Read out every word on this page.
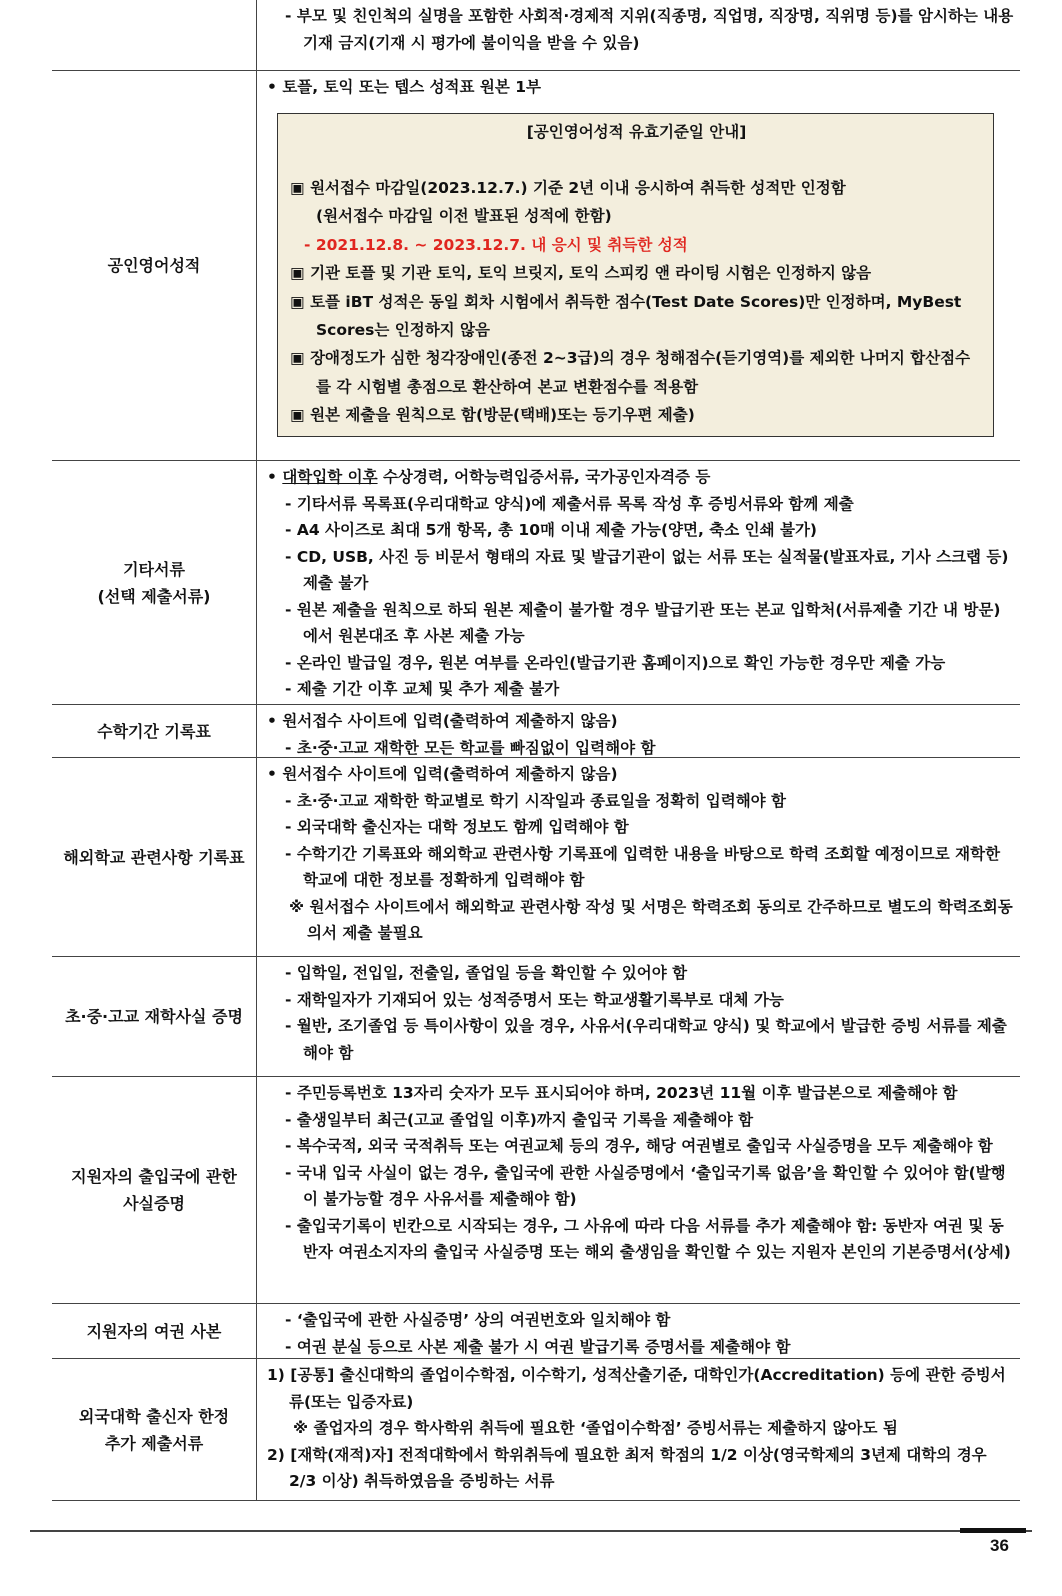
- 부모 및 친인척의 실명을 포함한 사회적·경제적 지위(직종명, 직업명, 직장명, 직위명 등)를 암시하는 내용 기재 금지(기재 시 평가에 불이익을 받을 수 있음)
공인영어성적
• 토플, 토익 또는 텝스 성적표 원본 1부
[공인영어성적 유효기준일 안내]
▣ 원서접수 마감일(2023.12.7.) 기준 2년 이내 응시하여 취득한 성적만 인정함
(원서접수 마감일 이전 발표된 성적에 한함)
- 2021.12.8. ~ 2023.12.7. 내 응시 및 취득한 성적
▣ 기관 토플 및 기관 토익, 토익 브릿지, 토익 스피킹 앤 라이팅 시험은 인정하지 않음
▣ 토플 iBT 성적은 동일 회차 시험에서 취득한 점수(Test Date Scores)만 인정하며, MyBest Scores는 인정하지 않음
▣ 장애정도가 심한 청각장애인(종전 2~3급)의 경우 청해점수(듣기영역)를 제외한 나머지 합산점수를 각 시험별 총점으로 환산하여 본교 변환점수를 적용함
▣ 원본 제출을 원칙으로 함(방문(택배)또는 등기우편 제출)
기타서류
(선택 제출서류)
• 대학입학 이후 수상경력, 어학능력입증서류, 국가공인자격증 등
- 기타서류 목록표(우리대학교 양식)에 제출서류 목록 작성 후 증빙서류와 함께 제출
- A4 사이즈로 최대 5개 항목, 총 10매 이내 제출 가능(양면, 축소 인쇄 불가)
- CD, USB, 사진 등 비문서 형태의 자료 및 발급기관이 없는 서류 또는 실적물(발표자료, 기사 스크랩 등) 제출 불가
- 원본 제출을 원칙으로 하되 원본 제출이 불가할 경우 발급기관 또는 본교 입학처(서류제출 기간 내 방문)에서 원본대조 후 사본 제출 가능
- 온라인 발급일 경우, 원본 여부를 온라인(발급기관 홈페이지)으로 확인 가능한 경우만 제출 가능
- 제출 기간 이후 교체 및 추가 제출 불가
수학기간 기록표
• 원서접수 사이트에 입력(출력하여 제출하지 않음)
- 초·중·고교 재학한 모든 학교를 빠짐없이 입력해야 함
해외학교 관련사항 기록표
• 원서접수 사이트에 입력(출력하여 제출하지 않음)
- 초·중·고교 재학한 학교별로 학기 시작일과 종료일을 정확히 입력해야 함
- 외국대학 출신자는 대학 정보도 함께 입력해야 함
- 수학기간 기록표와 해외학교 관련사항 기록표에 입력한 내용을 바탕으로 학력 조회할 예정이므로 재학한 학교에 대한 정보를 정확하게 입력해야 함
※ 원서접수 사이트에서 해외학교 관련사항 작성 및 서명은 학력조회 동의로 간주하므로 별도의 학력조회동의서 제출 불필요
초·중·고교 재학사실 증명
- 입학일, 전입일, 전출일, 졸업일 등을 확인할 수 있어야 함
- 재학일자가 기재되어 있는 성적증명서 또는 학교생활기록부로 대체 가능
- 월반, 조기졸업 등 특이사항이 있을 경우, 사유서(우리대학교 양식) 및 학교에서 발급한 증빙 서류를 제출해야 함
지원자의 출입국에 관한
사실증명
- 주민등록번호 13자리 숫자가 모두 표시되어야 하며, 2023년 11월 이후 발급본으로 제출해야 함
- 출생일부터 최근(고교 졸업일 이후)까지 출입국 기록을 제출해야 함
- 복수국적, 외국 국적취득 또는 여권교체 등의 경우, 해당 여권별로 출입국 사실증명을 모두 제출해야 함
- 국내 입국 사실이 없는 경우, 출입국에 관한 사실증명에서 ‘출입국기록 없음’을 확인할 수 있어야 함(발행이 불가능할 경우 사유서를 제출해야 함)
- 출입국기록이 빈칸으로 시작되는 경우, 그 사유에 따라 다음 서류를 추가 제출해야 함: 동반자 여권 및 동반자 여권소지자의 출입국 사실증명 또는 해외 출생임을 확인할 수 있는 지원자 본인의 기본증명서(상세)
지원자의 여권 사본
- ‘출입국에 관한 사실증명’ 상의 여권번호와 일치해야 함
- 여권 분실 등으로 사본 제출 불가 시 여권 발급기록 증명서를 제출해야 함
외국대학 출신자 한정
추가 제출서류
1) [공통] 출신대학의 졸업이수학점, 이수학기, 성적산출기준, 대학인가(Accreditation) 등에 관한 증빙서류(또는 입증자료)
※ 졸업자의 경우 학사학위 취득에 필요한 ‘졸업이수학점’ 증빙서류는 제출하지 않아도 됨
2) [재학(재적)자] 전적대학에서 학위취득에 필요한 최저 학점의 1/2 이상(영국학제의 3년제 대학의 경우 2/3 이상) 취득하였음을 증빙하는 서류
36
